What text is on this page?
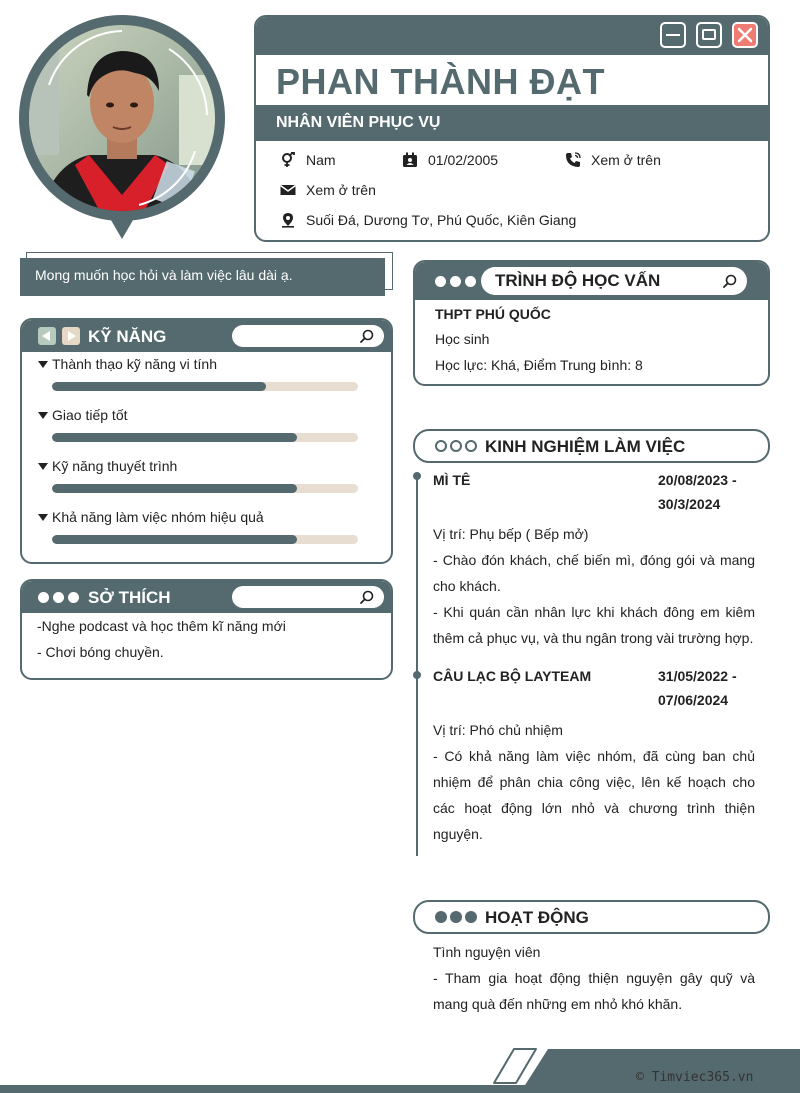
PHAN THÀNH ĐẠT
NHÂN VIÊN PHỤC VỤ
Nam	01/02/2005	Xem ở trên
Xem ở trên
Suối Đá, Dương Tơ, Phú Quốc, Kiên Giang
Mong muốn học hỏi và làm việc lâu dài ạ.
KỸ NĂNG
Thành thạo kỹ năng vi tính
Giao tiếp tốt
Kỹ năng thuyết trình
Khả năng làm việc nhóm hiệu quả
SỞ THÍCH
-Nghe podcast và học thêm kĩ năng mới
- Chơi bóng chuyền.
TRÌNH ĐỘ HỌC VẤN
THPT PHÚ QUỐC
Học sinh
Học lực: Khá, Điểm Trung bình: 8
KINH NGHIỆM LÀM VIỆC
MÌ TÊ	20/08/2023 -
30/3/2024
Vị trí: Phụ bếp ( Bếp mở)
- Chào đón khách, chế biến mì, đóng gói và mang cho khách.
- Khi quán cần nhân lực khi khách đông em kiêm thêm cả phục vụ, và thu ngân trong vài trường hợp.
CÂU LẠC BỘ LAYTEAM	31/05/2022 -
07/06/2024
Vị trí: Phó chủ nhiệm
- Có khả năng làm việc nhóm, đã cùng ban chủ nhiệm để phân chia công việc, lên kế hoạch cho các hoạt động lớn nhỏ và chương trình thiện nguyện.
HOẠT ĐỘNG
Tình nguyện viên
- Tham gia hoạt động thiện nguyện gây quỹ và mang quà đến những em nhỏ khó khăn.
© Timviec365.vn
